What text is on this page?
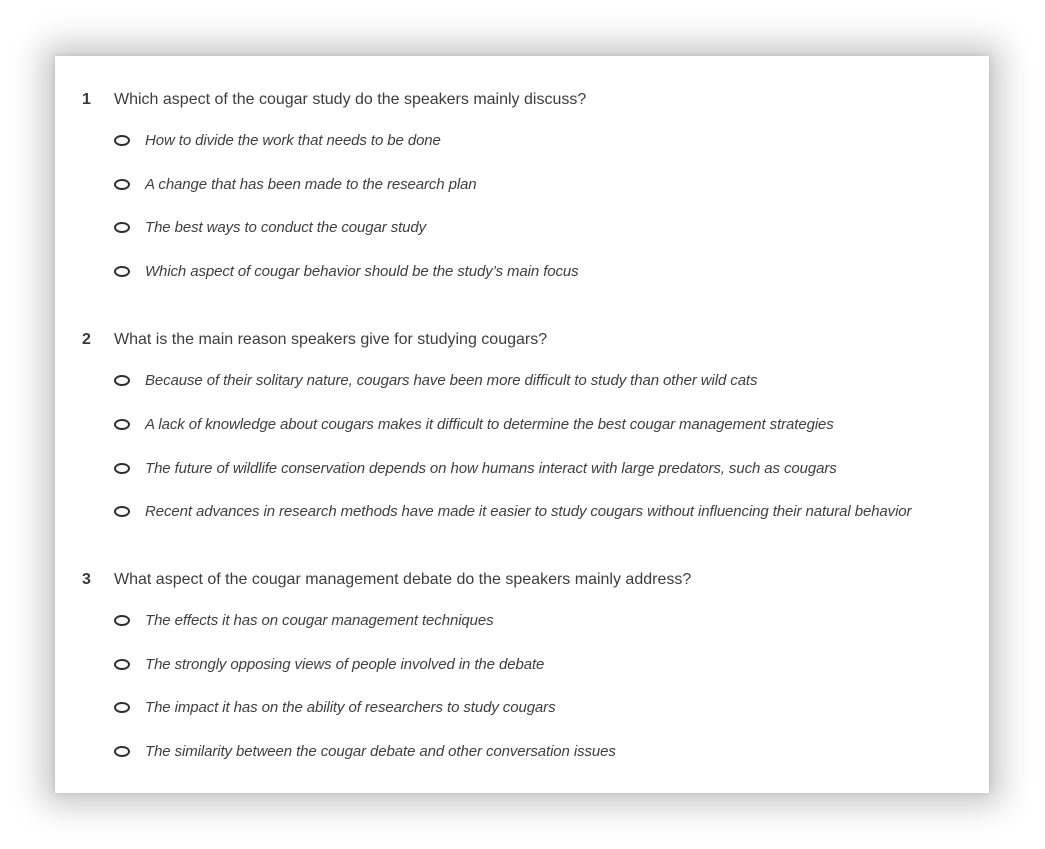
1 Which aspect of the cougar study do the speakers mainly discuss?
How to divide the work that needs to be done
A change that has been made to the research plan
The best ways to conduct the cougar study
Which aspect of cougar behavior should be the study’s main focus
2 What is the main reason speakers give for studying cougars?
Because of their solitary nature, cougars have been more difficult to study than other wild cats
A lack of knowledge about cougars makes it difficult to determine the best cougar management strategies
The future of wildlife conservation depends on how humans interact with large predators, such as cougars
Recent advances in research methods have made it easier to study cougars without influencing their natural behavior
3 What aspect of the cougar management debate do the speakers mainly address?
The effects it has on cougar management techniques
The strongly opposing views of people involved in the debate
The impact it has on the ability of researchers to study cougars
The similarity between the cougar debate and other conversation issues
